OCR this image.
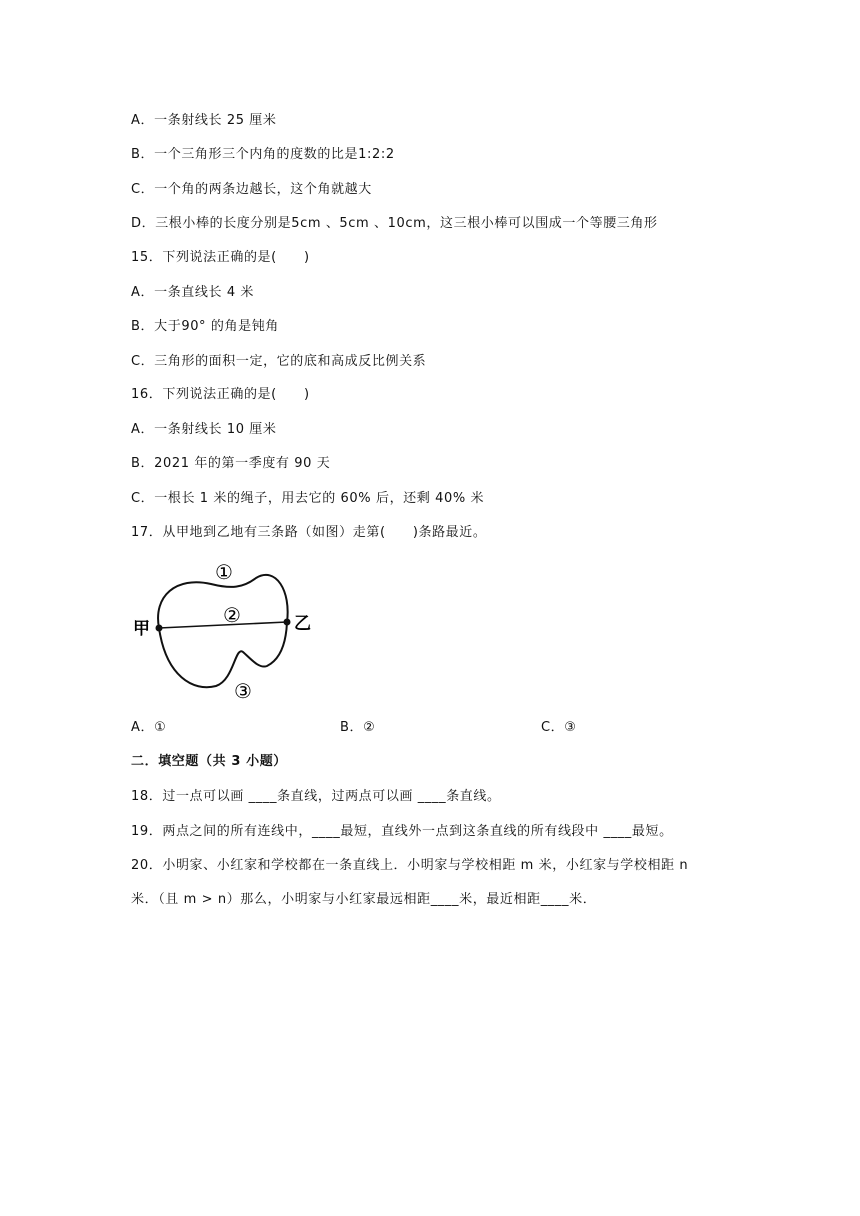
A．一条射线长 25 厘米
B．一个三角形三个内角的度数的比是1:2:2
C．一个角的两条边越长，这个角就越大
D．三根小棒的长度分别是5cm 、5cm 、10cm，这三根小棒可以围成一个等腰三角形
15．下列说法正确的是(　　)
A．一条直线长 4 米
B．大于90° 的角是钝角
C．三角形的面积一定，它的底和高成反比例关系
16．下列说法正确的是(　　)
A．一条射线长 10 厘米
B．2021 年的第一季度有 90 天
C．一根长 1 米的绳子，用去它的 60% 后，还剩 40% 米
17．从甲地到乙地有三条路（如图）走第(　　)条路最近。
甲	乙
①
②
③
A．①	B．②	C．③
二．填空题（共 3 小题）
18．过一点可以画 ____条直线，过两点可以画 ____条直线。
19．两点之间的所有连线中，____最短，直线外一点到这条直线的所有线段中 ____最短。
20．小明家、小红家和学校都在一条直线上．小明家与学校相距 m 米，小红家与学校相距 n
米．（且 m > n）那么，小明家与小红家最远相距____米，最近相距____米．
